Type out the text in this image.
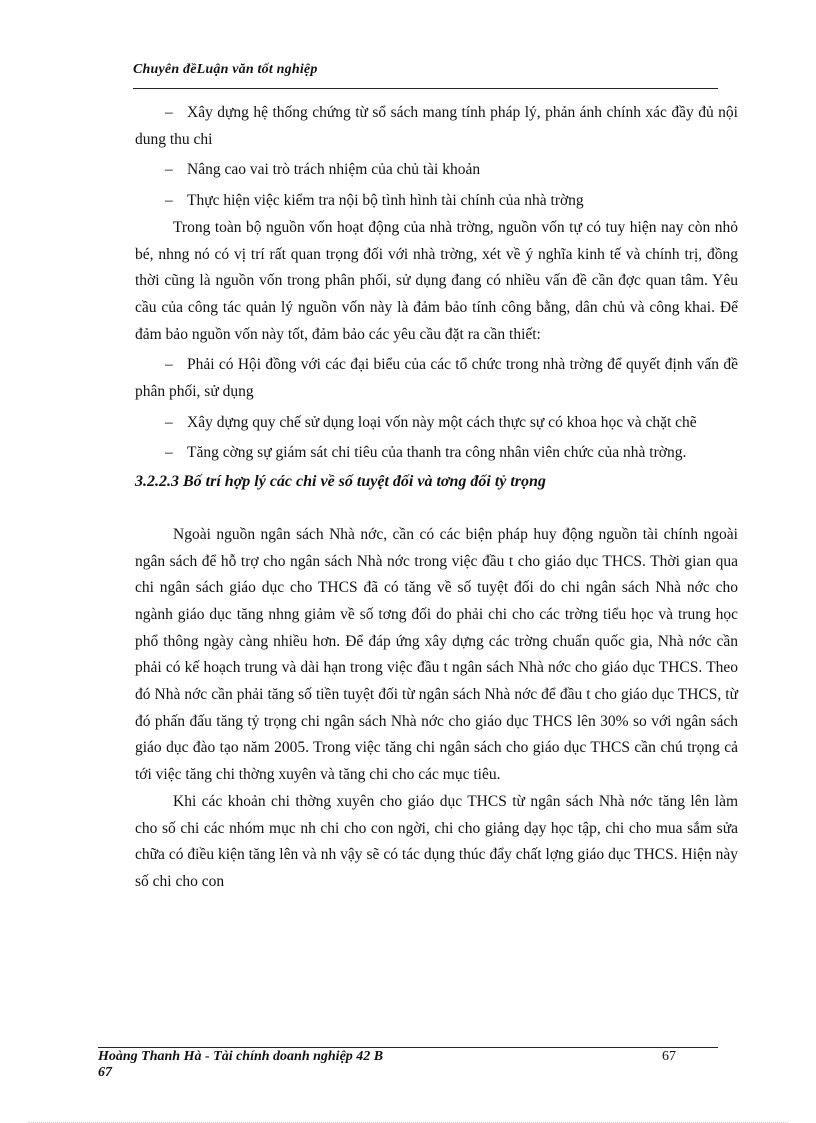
Chuyên đềLuận văn tốt nghiệp

– Xây dựng hệ thống chứng từ sổ sách mang tính pháp lý, phản ánh chính xác đầy đủ nội dung thu chi

– Nâng cao vai trò trách nhiệm của chủ tài khoản

– Thực hiện việc kiểm tra nội bộ tình hình tài chính của nhà trờng

Trong toàn bộ nguồn vốn hoạt động của nhà trờng, nguồn vốn tự có tuy hiện nay còn nhỏ bé, nhng nó có vị trí rất quan trọng đối với nhà trờng, xét về ý nghĩa kinh tế và chính trị, đồng thời cũng là nguồn vốn trong phân phối, sử dụng đang có nhiều vấn đề cần đợc quan tâm. Yêu cầu của công tác quản lý nguồn vốn này là đảm bảo tính công bằng, dân chủ và công khai. Để đảm bảo nguồn vốn này tốt, đảm bảo các yêu cầu đặt ra cần thiết:

– Phải có Hội đồng với các đại biểu của các tổ chức trong nhà trờng để quyết định vấn đề phân phối, sử dụng

– Xây dựng quy chế sử dụng loại vốn này một cách thực sự có khoa học và chặt chẽ

– Tăng cờng sự giám sát chi tiêu của thanh tra công nhân viên chức của nhà trờng.

3.2.2.3 Bố trí hợp lý các chi về số tuyệt đối và tơng đối tỷ trọng

Ngoài nguồn ngân sách Nhà nớc, cần có các biện pháp huy động nguồn tài chính ngoài ngân sách để hỗ trợ cho ngân sách Nhà nớc trong việc đầu t cho giáo dục THCS. Thời gian qua chi ngân sách giáo dục cho THCS đã có tăng về số tuyệt đối do chi ngân sách Nhà nớc cho ngành giáo dục tăng nhng giảm về số tơng đối do phải chi cho các trờng tiểu học và trung học phổ thông ngày càng nhiều hơn. Để đáp ứng xây dựng các trờng chuẩn quốc gia, Nhà nớc cần phải có kế hoạch trung và dài hạn trong việc đầu t ngân sách Nhà nớc cho giáo dục THCS. Theo đó Nhà nớc cần phải tăng số tiền tuyệt đối từ ngân sách Nhà nớc để đầu t cho giáo dục THCS, từ đó phấn đấu tăng tỷ trọng chi ngân sách Nhà nớc cho giáo dục THCS lên 30% so với ngân sách giáo dục đào tạo năm 2005. Trong việc tăng chi ngân sách cho giáo dục THCS cần chú trọng cả tới việc tăng chi thờng xuyên và tăng chi cho các mục tiêu.

Khi các khoản chi thờng xuyên cho giáo dục THCS từ ngân sách Nhà nớc tăng lên làm cho số chi các nhóm mục nh chi cho con ngời, chi cho giảng dạy học tập, chi cho mua sắm sửa chữa có điều kiện tăng lên và nh vậy sẽ có tác dụng thúc đẩy chất lợng giáo dục THCS. Hiện này số chi cho con

Hoàng Thanh Hà - Tài chính doanh nghiệp 42 B	67
67
